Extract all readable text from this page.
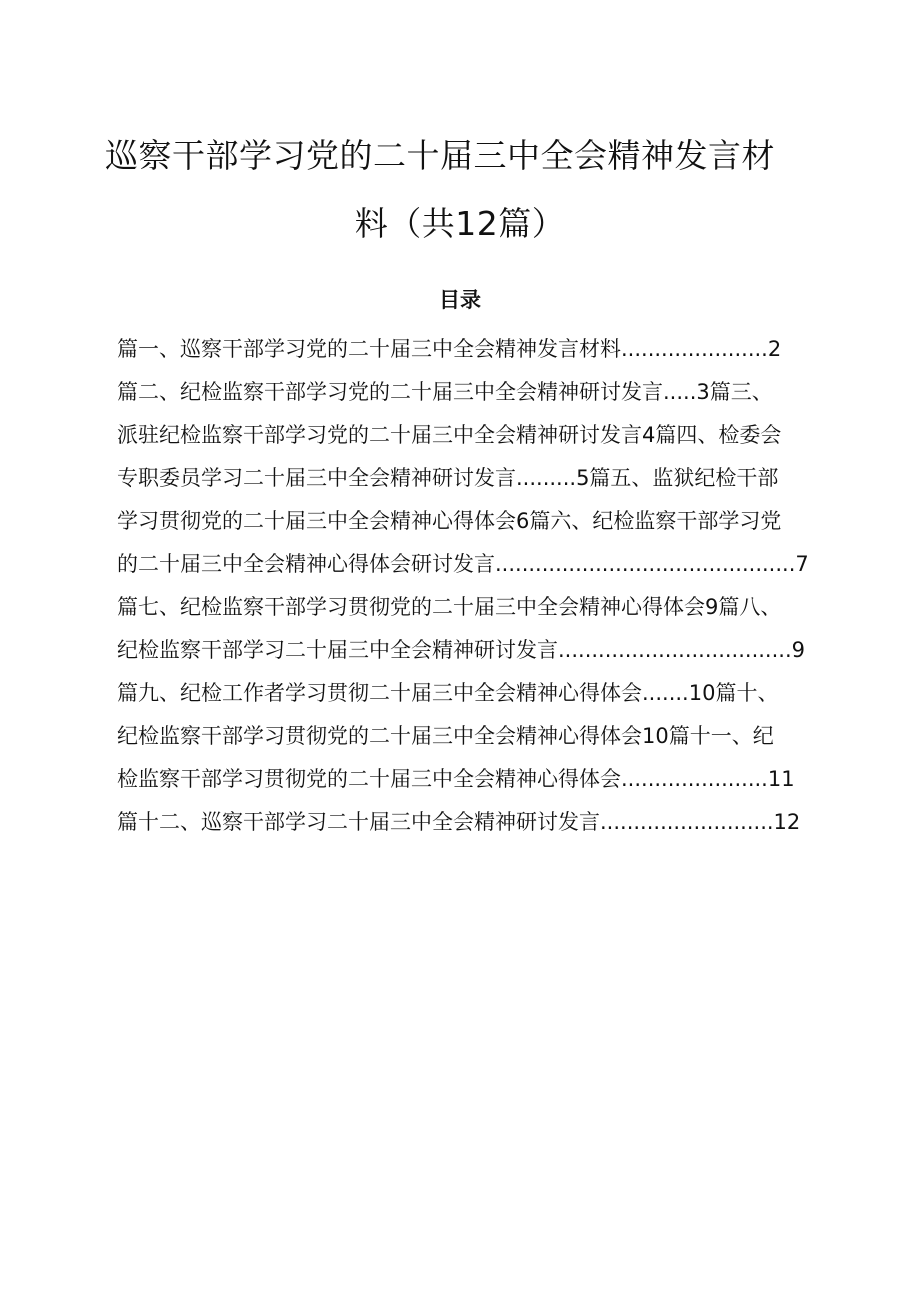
巡察干部学习党的二十届三中全会精神发言材
料（共12篇）
目录
篇一、巡察干部学习党的二十届三中全会精神发言材料......................2
篇二、纪检监察干部学习党的二十届三中全会精神研讨发言.....3篇三、
派驻纪检监察干部学习党的二十届三中全会精神研讨发言4篇四、检委会
专职委员学习二十届三中全会精神研讨发言.........5篇五、监狱纪检干部
学习贯彻党的二十届三中全会精神心得体会6篇六、纪检监察干部学习党
的二十届三中全会精神心得体会研讨发言.............................................7
篇七、纪检监察干部学习贯彻党的二十届三中全会精神心得体会9篇八、
纪检监察干部学习二十届三中全会精神研讨发言...................................9
篇九、纪检工作者学习贯彻二十届三中全会精神心得体会.......10篇十、
纪检监察干部学习贯彻党的二十届三中全会精神心得体会10篇十一、纪
检监察干部学习贯彻党的二十届三中全会精神心得体会......................11
篇十二、巡察干部学习二十届三中全会精神研讨发言..........................12
